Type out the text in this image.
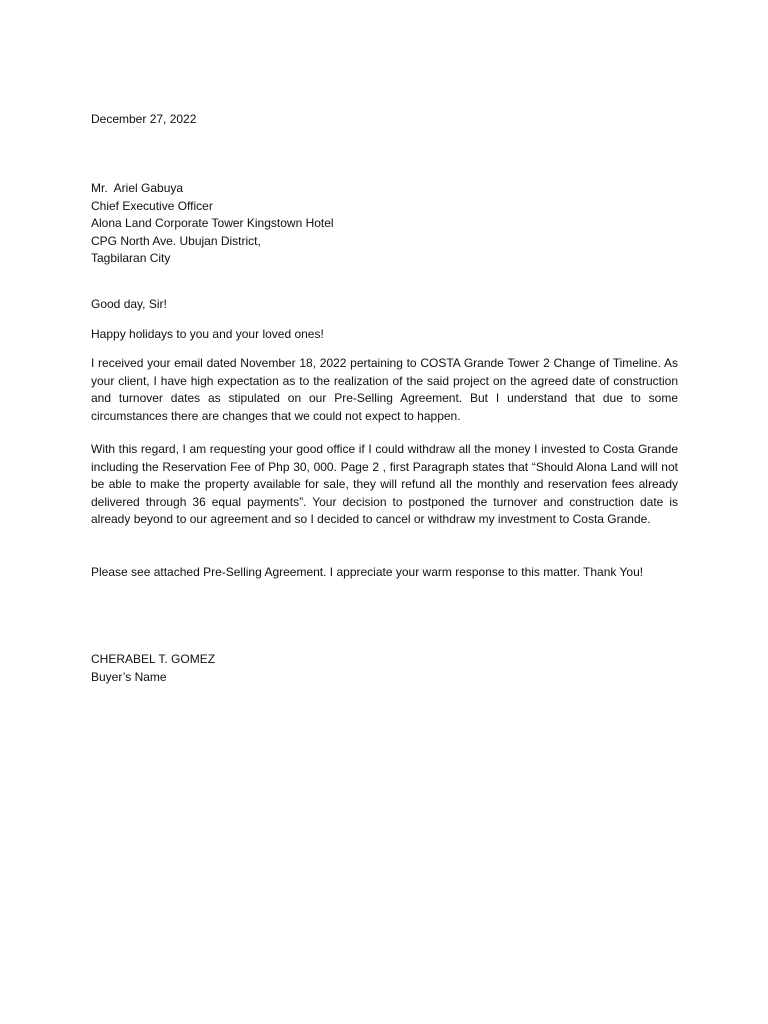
December 27, 2022
Mr.  Ariel Gabuya
Chief Executive Officer
Alona Land Corporate Tower Kingstown Hotel
CPG North Ave. Ubujan District,
Tagbilaran City
Good day, Sir!
Happy holidays to you and your loved ones!

I received your email dated November 18, 2022 pertaining to COSTA Grande Tower 2 Change of Timeline. As your client, I have high expectation as to the realization of the said project on the agreed date of construction and turnover dates as stipulated on our Pre-Selling Agreement. But I understand that due to some circumstances there are changes that we could not expect to happen.

With this regard, I am requesting your good office if I could withdraw all the money I invested to Costa Grande including the Reservation Fee of Php 30, 000. Page 2 , first Paragraph states that “Should Alona Land will not be able to make the property available for sale, they will refund all the monthly and reservation fees already delivered through 36 equal payments”. Your decision to postponed the turnover and construction date is already beyond to our agreement and so I decided to cancel or withdraw my investment to Costa Grande.

Please see attached Pre-Selling Agreement. I appreciate your warm response to this matter. Thank You!

CHERABEL T. GOMEZ
Buyer’s Name
